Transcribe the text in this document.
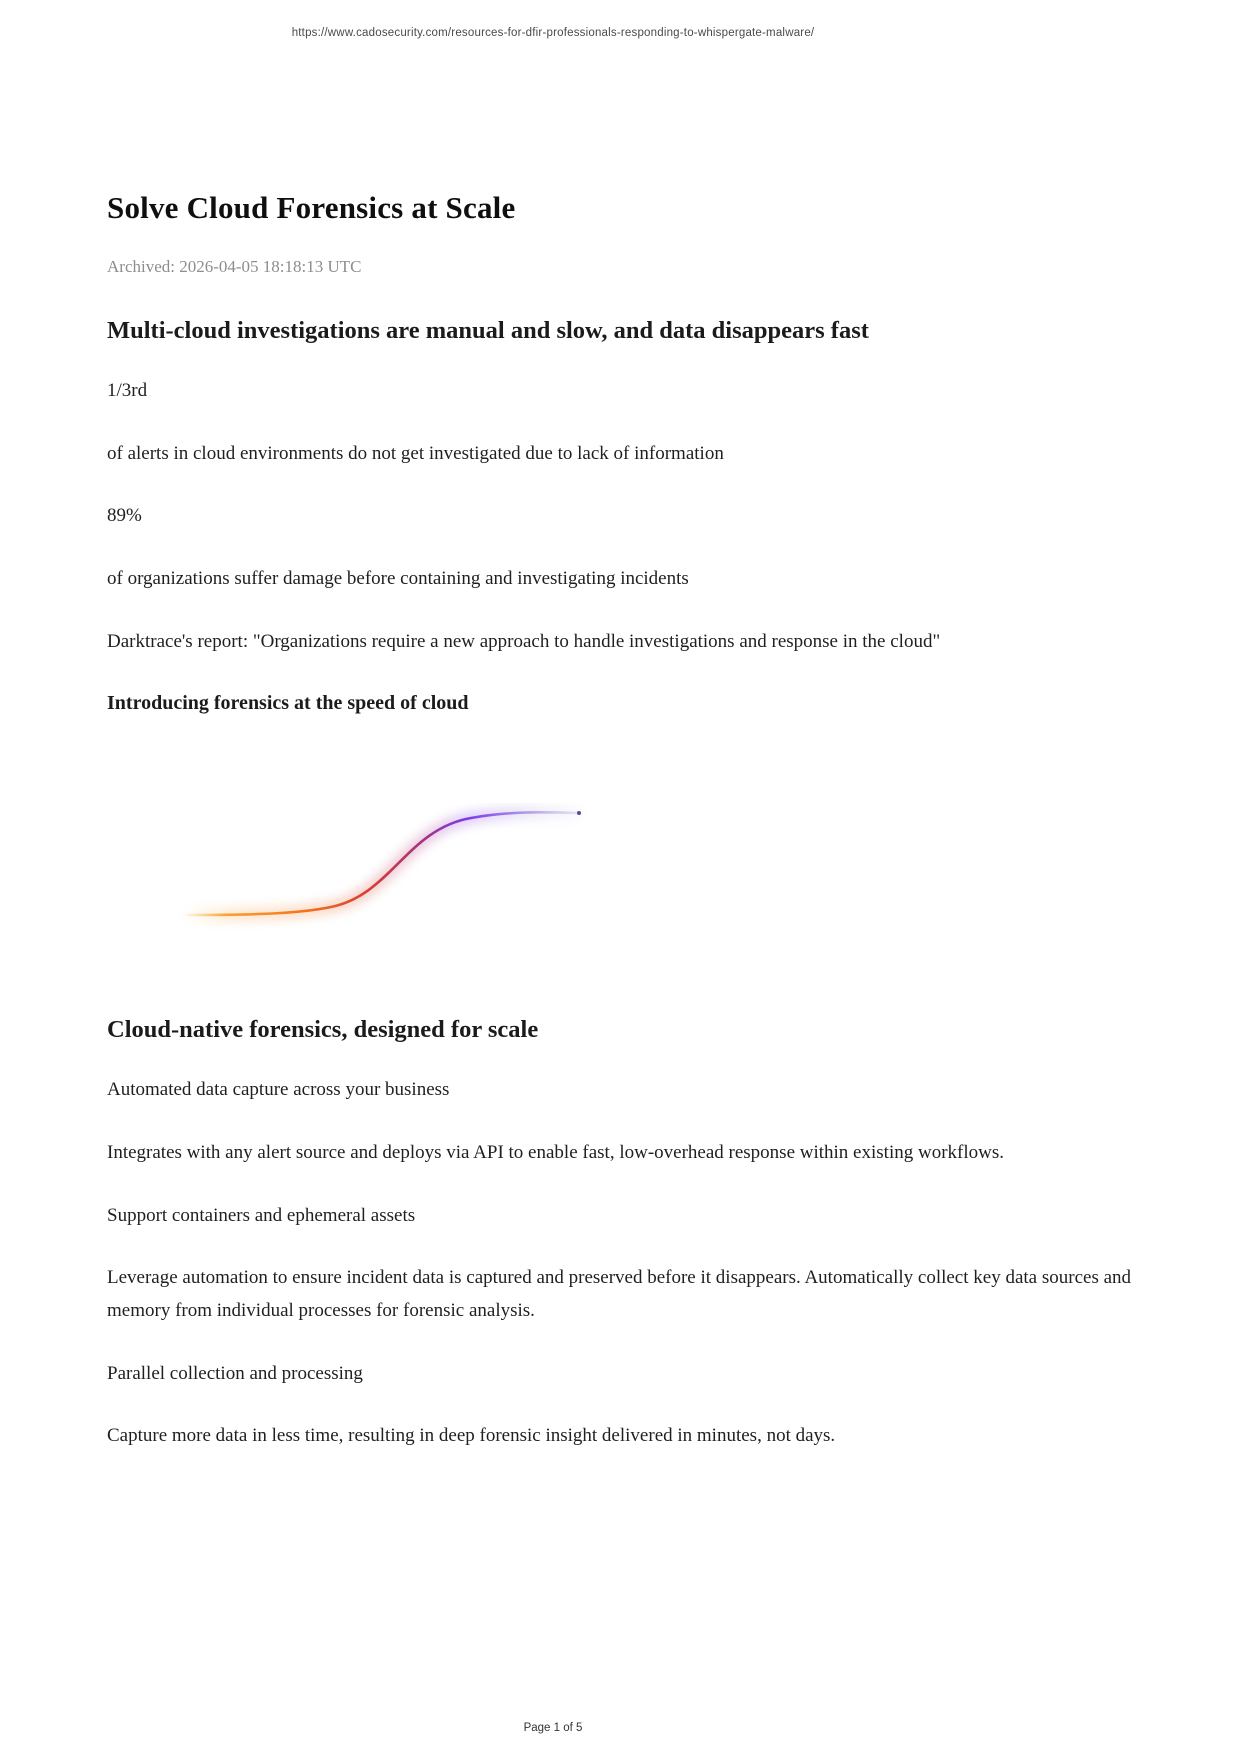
https://www.cadosecurity.com/resources-for-dfir-professionals-responding-to-whispergate-malware/
Solve Cloud Forensics at Scale
Archived: 2026-04-05 18:18:13 UTC
Multi-cloud investigations are manual and slow, and data disappears fast

1/3rd

of alerts in cloud environments do not get investigated due to lack of information

89%

of organizations suffer damage before containing and investigating incidents

Darktrace's report: "Organizations require a new approach to handle investigations and response in the cloud"

Introducing forensics at the speed of cloud
Cloud-native forensics, designed for scale

Automated data capture across your business

Integrates with any alert source and deploys via API to enable fast, low-overhead response within existing workflows.

Support containers and ephemeral assets

Leverage automation to ensure incident data is captured and preserved before it disappears. Automatically collect key data sources and memory from individual processes for forensic analysis.

Parallel collection and processing

Capture more data in less time, resulting in deep forensic insight delivered in minutes, not days.

Page 1 of 5
